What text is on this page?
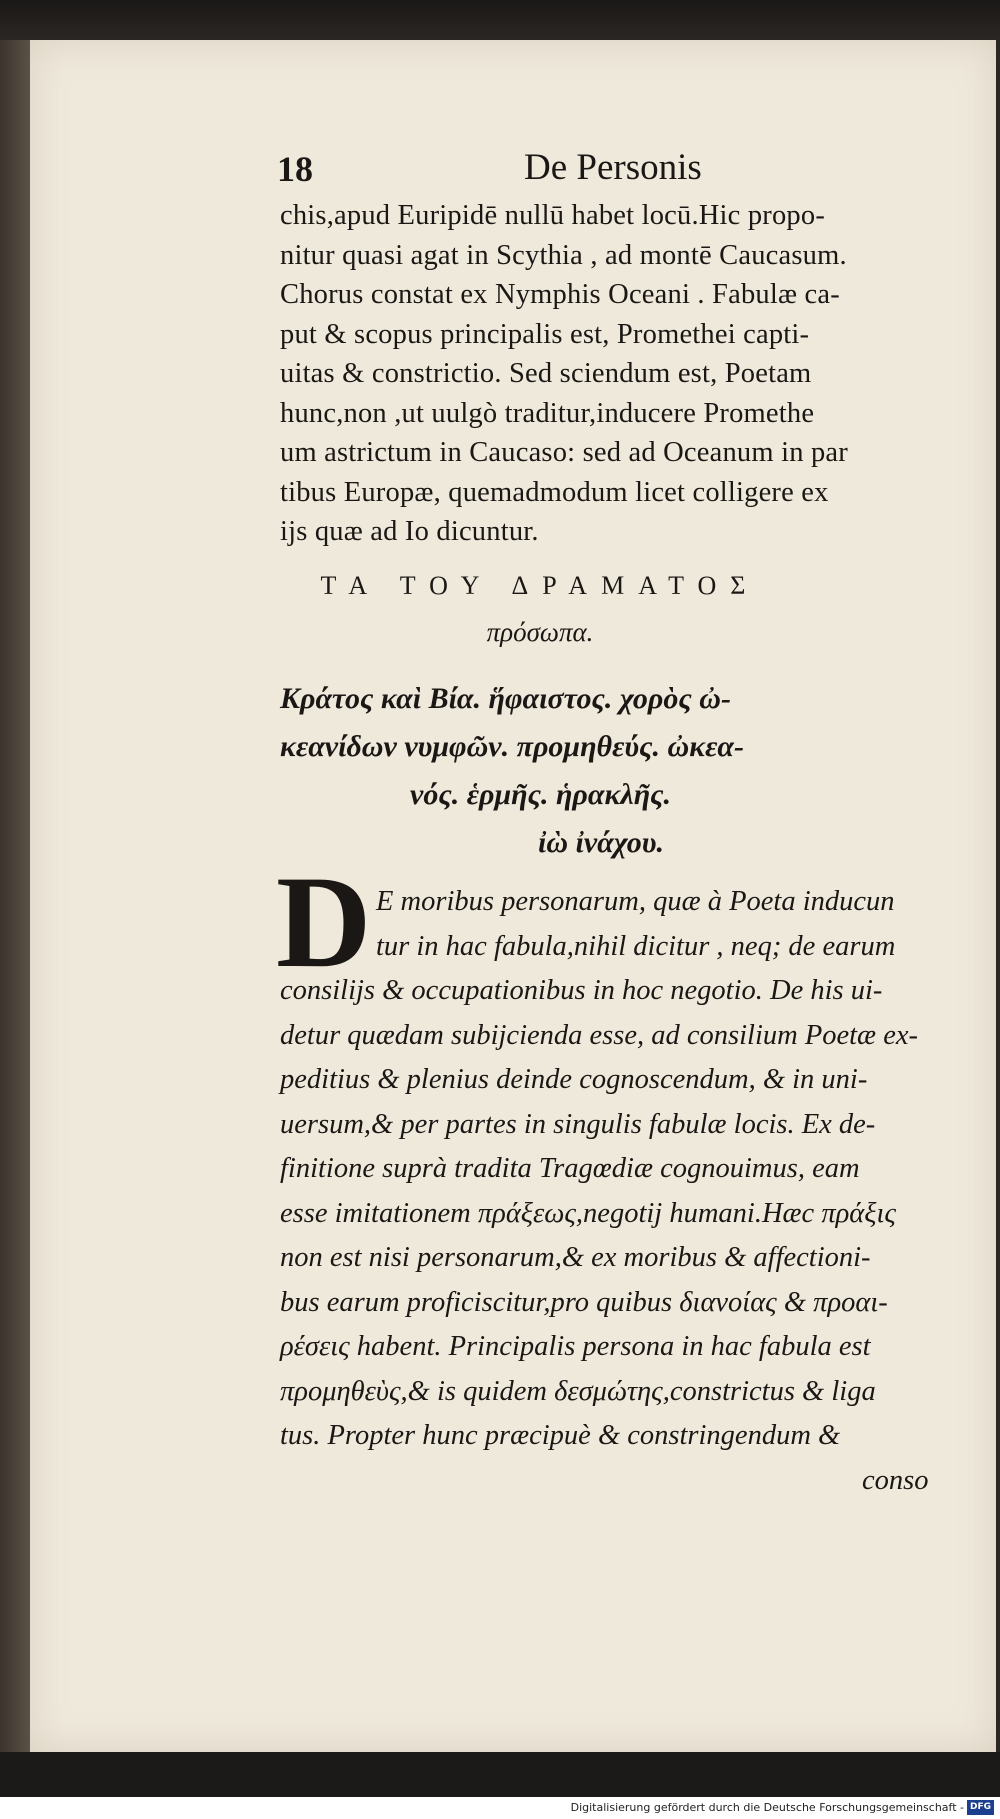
18	De Personis
chis,apud Euripidē nullū habet locū.Hic propo-
nitur quasi agat in Scythia , ad montē Caucasum.
Chorus constat ex Nymphis Oceani . Fabulæ ca-
put & scopus principalis est, Promethei capti-
uitas & constrictio. Sed sciendum est, Poetam
hunc,non ,ut uulgò traditur,inducere Promethe
um astrictum in Caucaso: sed ad Oceanum in par
tibus Europæ, quemadmodum licet colligere ex
ijs quæ ad Io dicuntur.
ΤΑ ΤΟΥ ΔΡΑΜΑΤΟΣ
πρόσωπα.
Κράτος καὶ Βία. ἥφαιστος. χορὸς ὠ-
κεανίδων νυμφῶν. προμηθεύς. ὠκεα-
νός. ἑρμῆς. ἡρακλῆς.
ἰὼ ἰνάχου.
D E moribus personarum, quæ à Poeta inducun
tur in hac fabula,nihil dicitur , neq; de earum
consilijs & occupationibus in hoc negotio. De his ui-
detur quædam subijcienda esse, ad consilium Poetæ ex-
peditius & plenius deinde cognoscendum, & in uni-
uersum,& per partes in singulis fabulæ locis. Ex de-
finitione suprà tradita Tragœdiæ cognouimus, eam
esse imitationem πράξεως,negotij humani.Hæc πράξις
non est nisi personarum,& ex moribus & affectioni-
bus earum proficiscitur,pro quibus διανοίας & προαι-
ρέσεις habent. Principalis persona in hac fabula est
προμηθεὺς,& is quidem δεσμώτης,constrictus & liga
tus. Propter hunc præcipuè & constringendum &
conso
Digitalisierung gefördert durch die Deutsche Forschungsgemeinschaft - DFG
